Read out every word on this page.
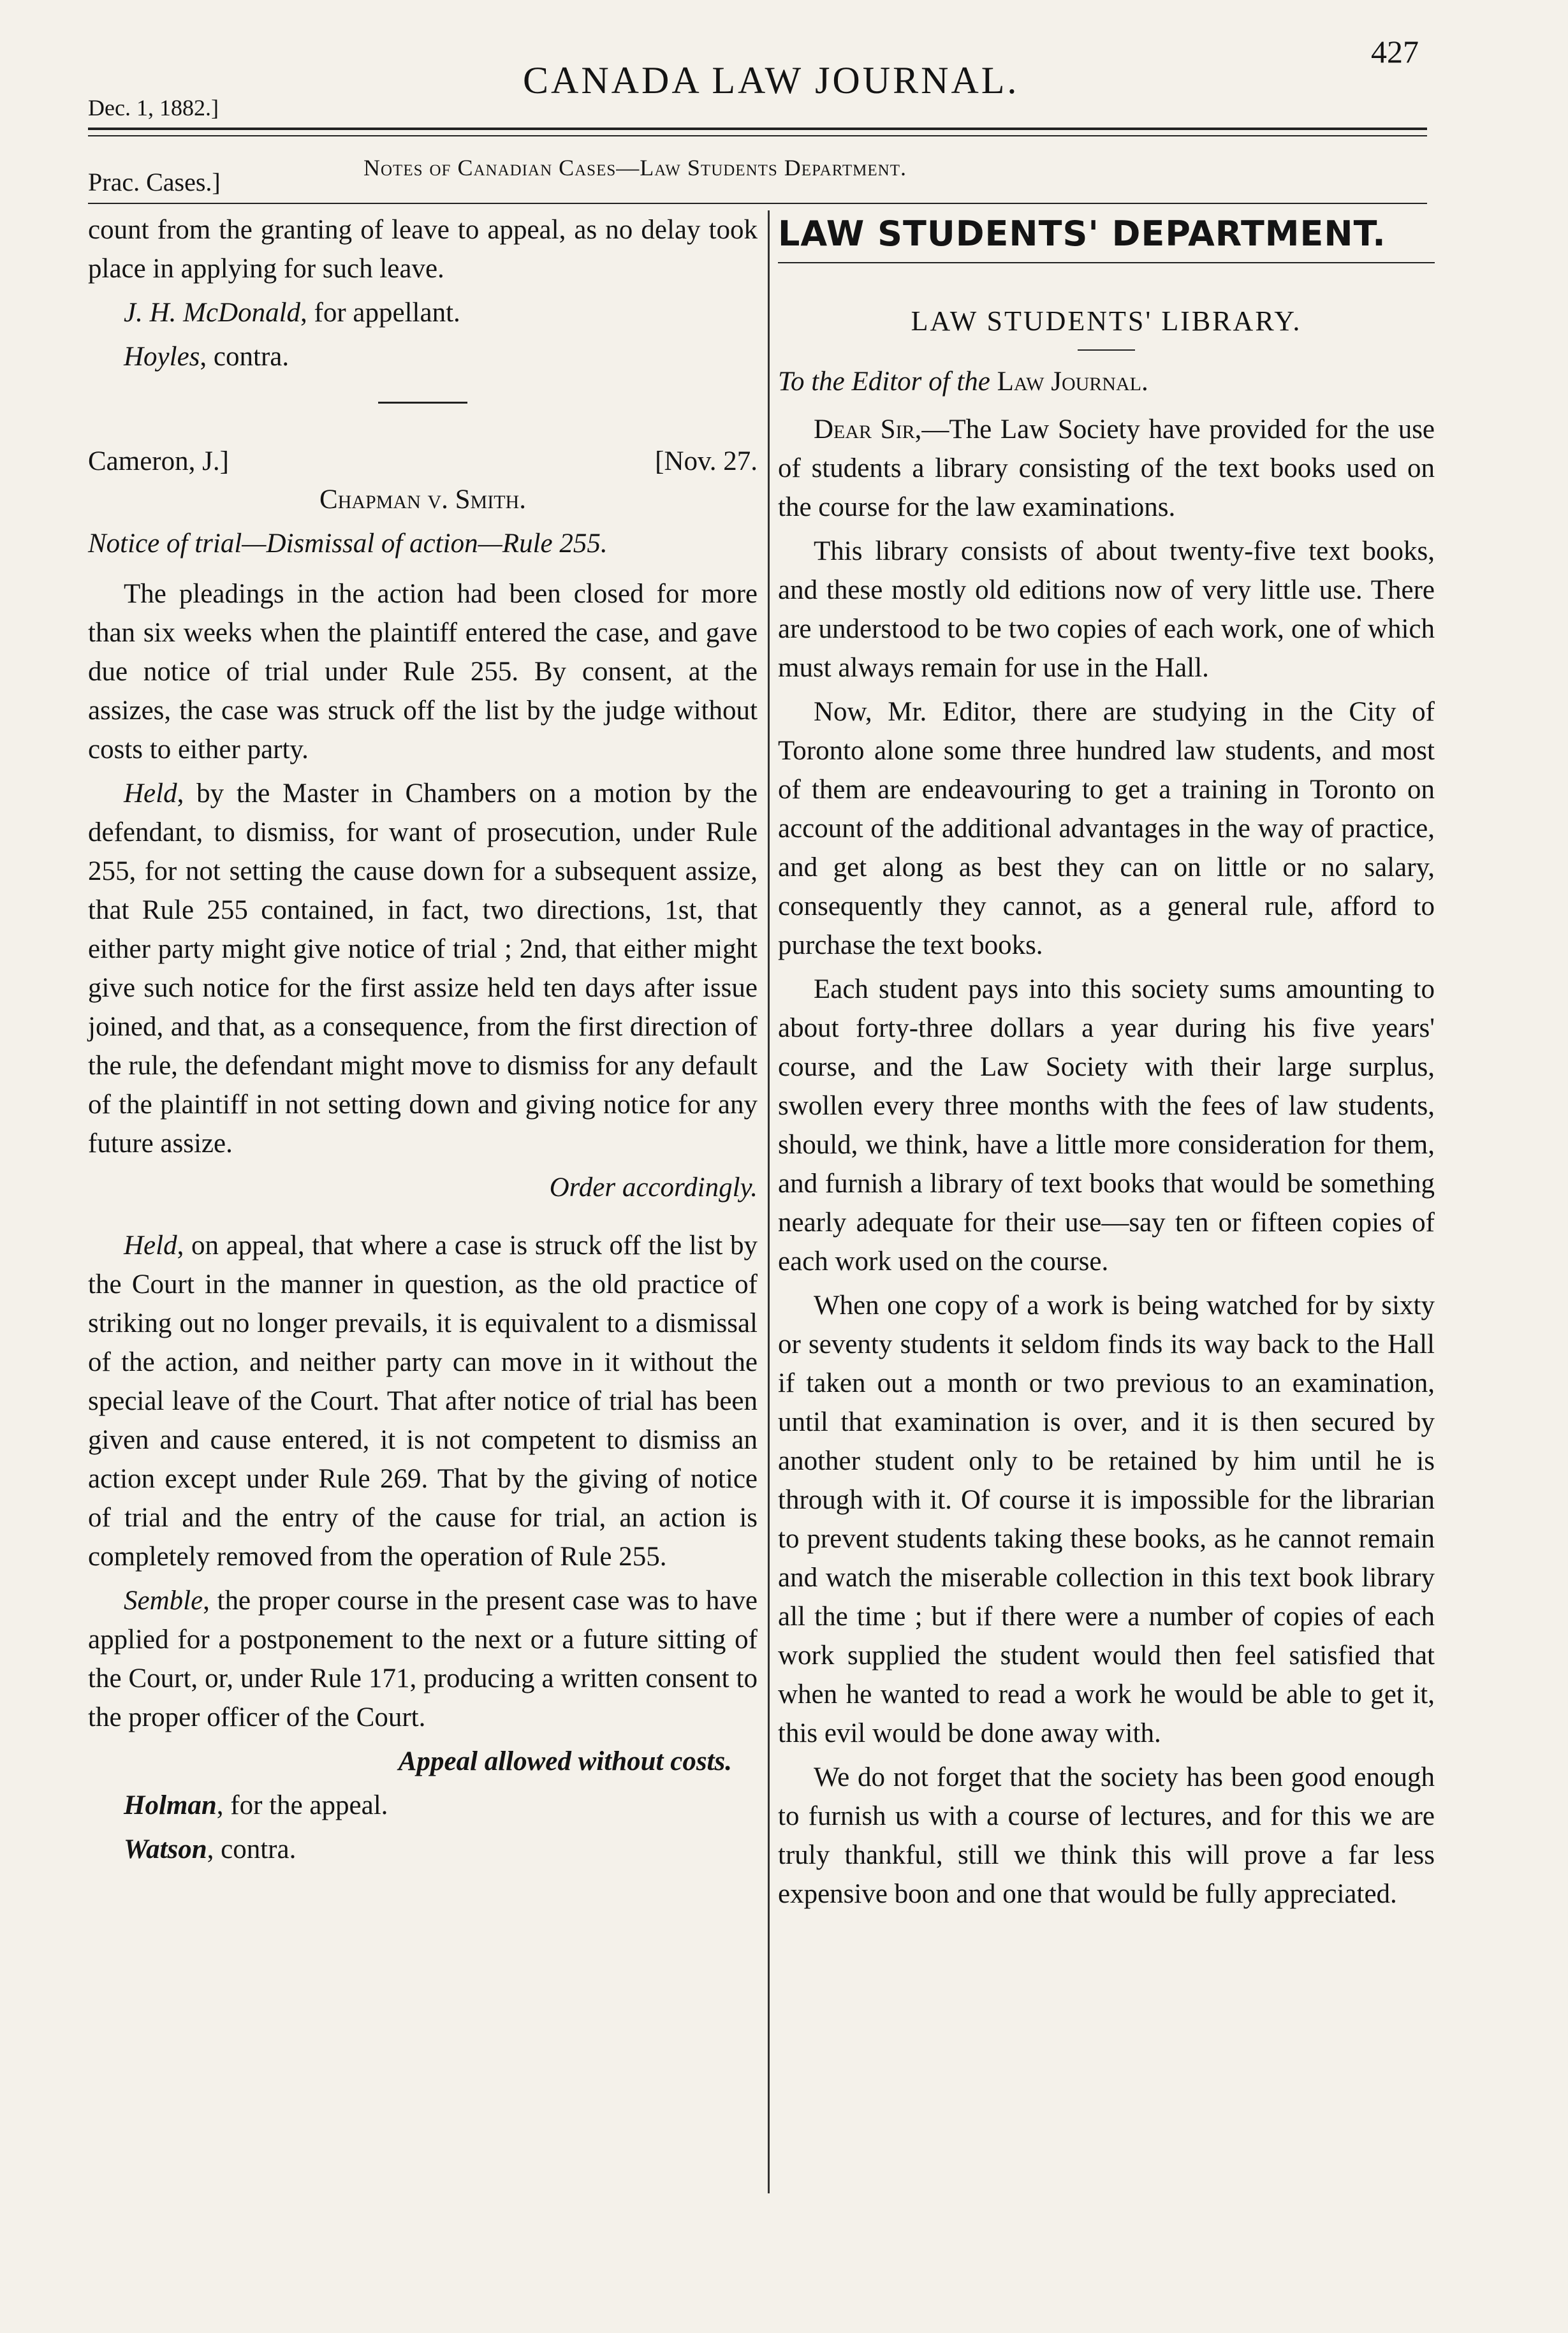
CANADA LAW JOURNAL.
427
Dec. 1, 1882.]
Prac. Cases.]	Notes of Canadian Cases—Law Students Department.

count from the granting of leave to appeal, as no delay took place in applying for such leave.

J. H. McDonald, for appellant.

Hoyles, contra.

Cameron, J.]	[Nov. 27.

Chapman v. Smith.

Notice of trial—Dismissal of action—Rule 255.

The pleadings in the action had been closed for more than six weeks when the plaintiff entered the case, and gave due notice of trial under Rule 255. By consent, at the assizes, the case was struck off the list by the judge without costs to either party.

Held, by the Master in Chambers on a motion by the defendant, to dismiss, for want of prosecution, under Rule 255, for not setting the cause down for a subsequent assize, that Rule 255 contained, in fact, two directions, 1st, that either party might give notice of trial ; 2nd, that either might give such notice for the first assize held ten days after issue joined, and that, as a consequence, from the first direction of the rule, the defendant might move to dismiss for any default of the plaintiff in not setting down and giving notice for any future assize.

Order accordingly.

Held, on appeal, that where a case is struck off the list by the Court in the manner in question, as the old practice of striking out no longer prevails, it is equivalent to a dismissal of the action, and neither party can move in it without the special leave of the Court. That after notice of trial has been given and cause entered, it is not competent to dismiss an action except under Rule 269. That by the giving of notice of trial and the entry of the cause for trial, an action is completely removed from the operation of Rule 255.

Semble, the proper course in the present case was to have applied for a postponement to the next or a future sitting of the Court, or, under Rule 171, producing a written consent to the proper officer of the Court.

Appeal allowed without costs.

Holman, for the appeal.

Watson, contra.

LAW STUDENTS' DEPARTMENT.
LAW STUDENTS' LIBRARY.

To the Editor of the Law Journal.

Dear Sir,—The Law Society have provided for the use of students a library consisting of the text books used on the course for the law examinations.

This library consists of about twenty-five text books, and these mostly old editions now of very little use. There are understood to be two copies of each work, one of which must always remain for use in the Hall.

Now, Mr. Editor, there are studying in the City of Toronto alone some three hundred law students, and most of them are endeavouring to get a training in Toronto on account of the additional advantages in the way of practice, and get along as best they can on little or no salary, consequently they cannot, as a general rule, afford to purchase the text books.

Each student pays into this society sums amounting to about forty-three dollars a year during his five years' course, and the Law Society with their large surplus, swollen every three months with the fees of law students, should, we think, have a little more consideration for them, and furnish a library of text books that would be something nearly adequate for their use—say ten or fifteen copies of each work used on the course.

When one copy of a work is being watched for by sixty or seventy students it seldom finds its way back to the Hall if taken out a month or two previous to an examination, until that examination is over, and it is then secured by another student only to be retained by him until he is through with it. Of course it is impossible for the librarian to prevent students taking these books, as he cannot remain and watch the miserable collection in this text book library all the time ; but if there were a number of copies of each work supplied the student would then feel satisfied that when he wanted to read a work he would be able to get it, this evil would be done away with.

We do not forget that the society has been good enough to furnish us with a course of lectures, and for this we are truly thankful, still we think this will prove a far less expensive boon and one that would be fully appreciated.
